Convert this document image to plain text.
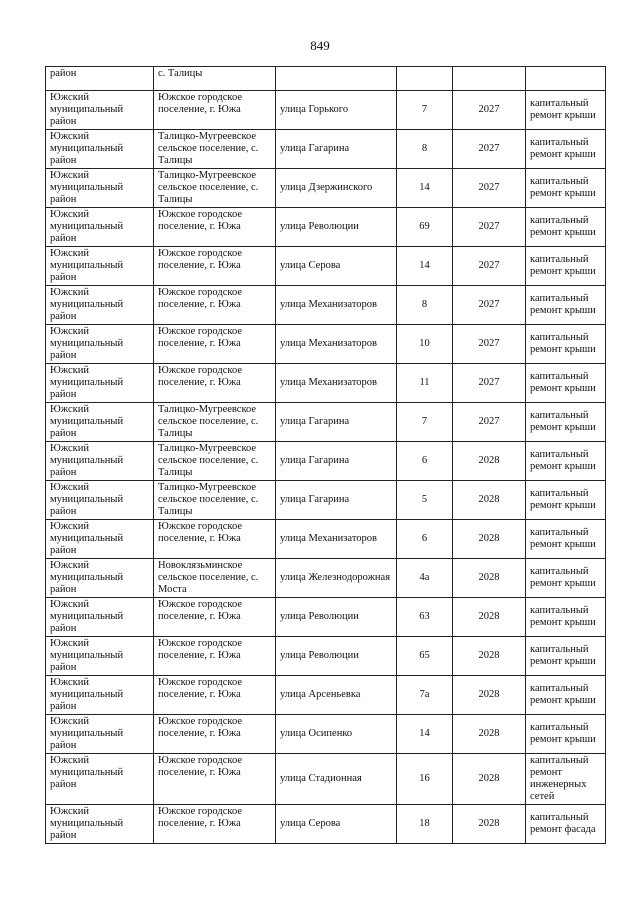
849
район	с. Талицы				
Южский муниципальный район	Южское городское поселение, г. Южа	улица Горького	7	2027	капитальный ремонт крыши
Южский муниципальный район	Талицко-Мугреевское сельское поселение, с. Талицы	улица Гагарина	8	2027	капитальный ремонт крыши
Южский муниципальный район	Талицко-Мугреевское сельское поселение, с. Талицы	улица Дзержинского	14	2027	капитальный ремонт крыши
Южский муниципальный район	Южское городское поселение, г. Южа	улица Революции	69	2027	капитальный ремонт крыши
Южский муниципальный район	Южское городское поселение, г. Южа	улица Серова	14	2027	капитальный ремонт крыши
Южский муниципальный район	Южское городское поселение, г. Южа	улица Механизаторов	8	2027	капитальный ремонт крыши
Южский муниципальный район	Южское городское поселение, г. Южа	улица Механизаторов	10	2027	капитальный ремонт крыши
Южский муниципальный район	Южское городское поселение, г. Южа	улица Механизаторов	11	2027	капитальный ремонт крыши
Южский муниципальный район	Талицко-Мугреевское сельское поселение, с. Талицы	улица Гагарина	7	2027	капитальный ремонт крыши
Южский муниципальный район	Талицко-Мугреевское сельское поселение, с. Талицы	улица Гагарина	6	2028	капитальный ремонт крыши
Южский муниципальный район	Талицко-Мугреевское сельское поселение, с. Талицы	улица Гагарина	5	2028	капитальный ремонт крыши
Южский муниципальный район	Южское городское поселение, г. Южа	улица Механизаторов	6	2028	капитальный ремонт крыши
Южский муниципальный район	Новоклязьминское сельское поселение, с. Моста	улица Железнодорожная	4а	2028	капитальный ремонт крыши
Южский муниципальный район	Южское городское поселение, г. Южа	улица Революции	63	2028	капитальный ремонт крыши
Южский муниципальный район	Южское городское поселение, г. Южа	улица Революции	65	2028	капитальный ремонт крыши
Южский муниципальный район	Южское городское поселение, г. Южа	улица Арсеньевка	7а	2028	капитальный ремонт крыши
Южский муниципальный район	Южское городское поселение, г. Южа	улица Осипенко	14	2028	капитальный ремонт крыши
Южский муниципальный район	Южское городское поселение, г. Южа	улица Стадионная	16	2028	капитальный ремонт инженерных сетей
Южский муниципальный район	Южское городское поселение, г. Южа	улица Серова	18	2028	капитальный ремонт фасада
